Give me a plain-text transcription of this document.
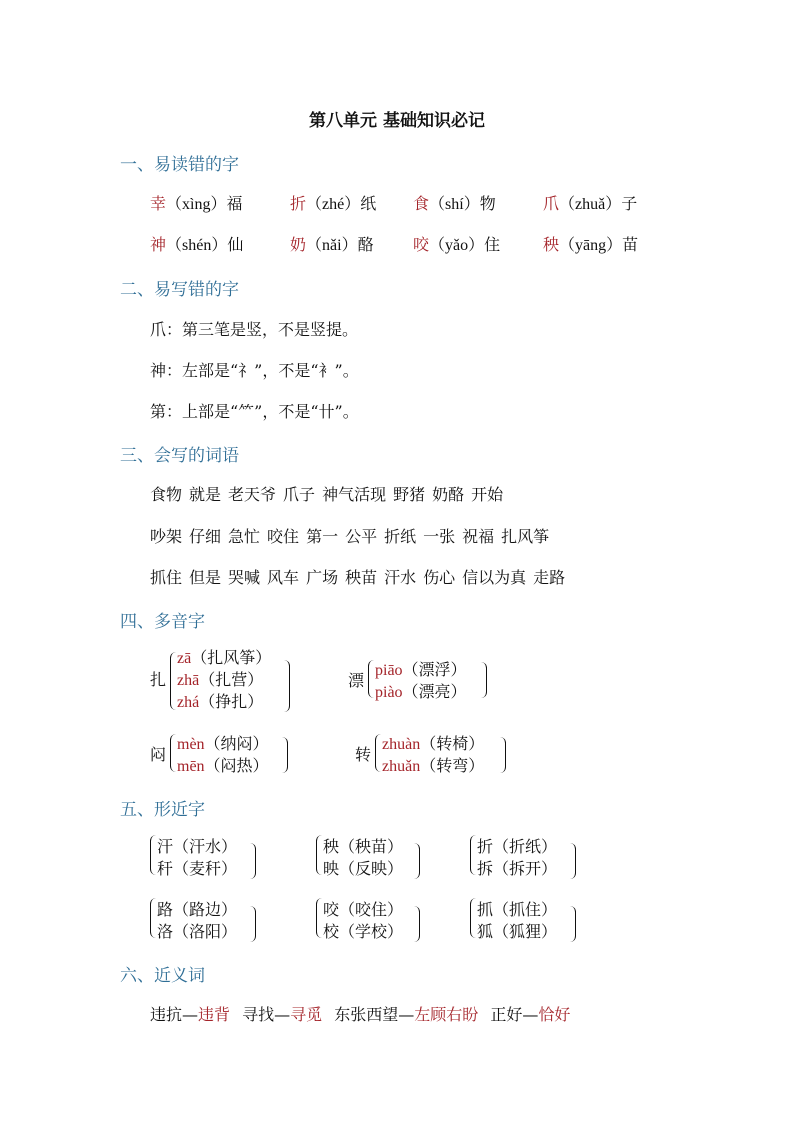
第八单元 基础知识必记
一、易读错的字
幸（xìng）福	折（zhé）纸 食（shí）物	爪（zhuǎ）子
神（shén）仙	奶（nǎi）酪 咬（yǎo）住	秧（yāng）苗
二、易写错的字
爪：第三笔是竖，不是竖提。
神：左部是“礻”，不是“衤”。
第：上部是“⺮”，不是“卄”。
三、会写的词语
食物 就是 老天爷 爪子 神气活现 野猪 奶酪 开始
吵架 仔细 急忙 咬住 第一 公平 折纸 一张 祝福 扎风筝
抓住 但是 哭喊 风车 广场 秧苗 汗水 伤心 信以为真 走路
四、多音字
扎
zā（扎风筝）
zhā（扎营）
zhá（挣扎）
漂
piāo（漂浮）
piào（漂亮）
闷
mèn（纳闷）
mēn（闷热）
转
zhuàn（转椅）
zhuǎn（转弯）
五、形近字
汗（汗水）
秆（麦秆）
秧（秧苗）
映（反映）
折（折纸）
拆（拆开）
路（路边）
洛（洛阳）
咬（咬住）
校（学校）
抓（抓住）
狐（狐狸）
六、近义词
违抗—违背 寻找—寻觅 东张西望—左顾右盼 正好—恰好
